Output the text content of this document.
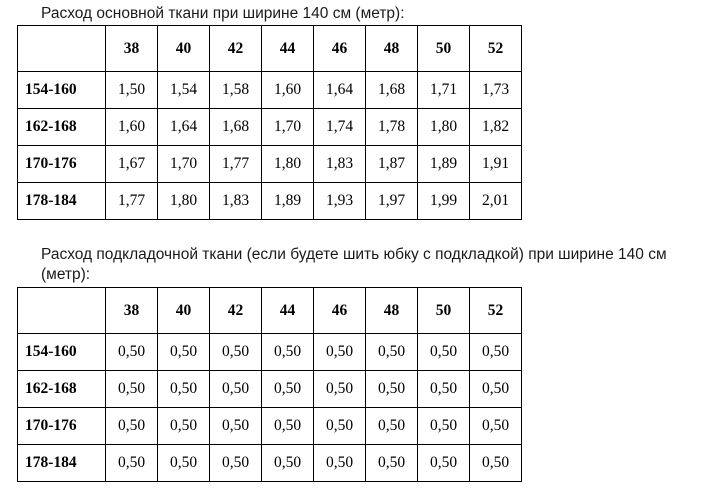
Расход основной ткани при ширине 140 см (метр):
	38	40	42	44	46	48	50	52
154-160	1,50	1,54	1,58	1,60	1,64	1,68	1,71	1,73
162-168	1,60	1,64	1,68	1,70	1,74	1,78	1,80	1,82
170-176	1,67	1,70	1,77	1,80	1,83	1,87	1,89	1,91
178-184	1,77	1,80	1,83	1,89	1,93	1,97	1,99	2,01
Расход подкладочной ткани (если будете шить юбку с подкладкой) при ширине 140 см (метр):
	38	40	42	44	46	48	50	52
154-160	0,50	0,50	0,50	0,50	0,50	0,50	0,50	0,50
162-168	0,50	0,50	0,50	0,50	0,50	0,50	0,50	0,50
170-176	0,50	0,50	0,50	0,50	0,50	0,50	0,50	0,50
178-184	0,50	0,50	0,50	0,50	0,50	0,50	0,50	0,50
